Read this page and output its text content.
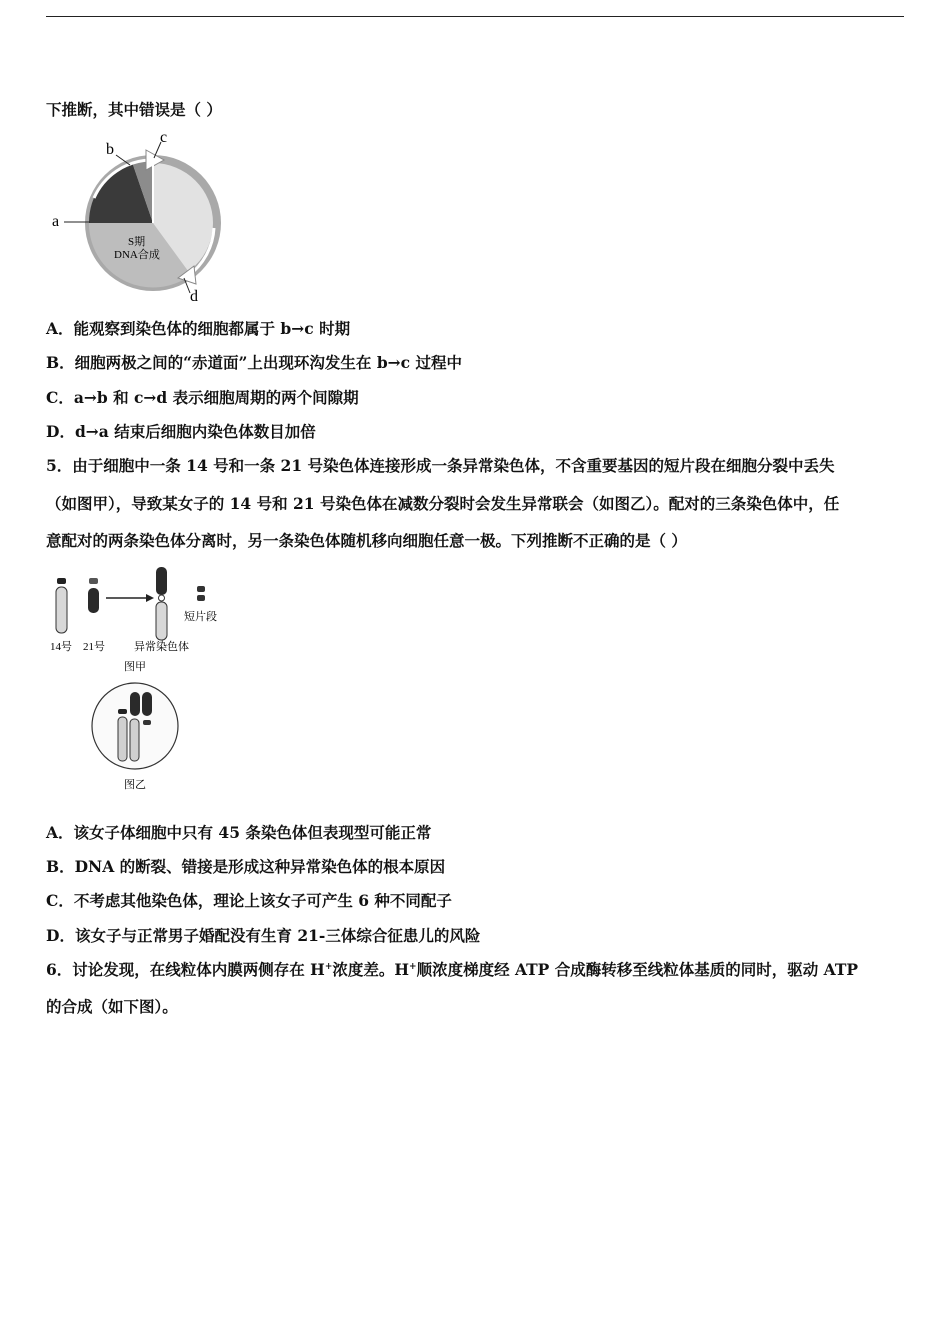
下推断，其中错误是（ ）
a
b
c
d
S期
DNA合成
A．能观察到染色体的细胞都属于 b→c 时期
B．细胞两极之间的“赤道面”上出现环沟发生在 b→c 过程中
C．a→b 和 c→d 表示细胞周期的两个间隙期
D．d→a 结束后细胞内染色体数目加倍
5．由于细胞中一条 14 号和一条 21 号染色体连接形成一条异常染色体，不含重要基因的短片段在细胞分裂中丢失
（如图甲），导致某女子的 14 号和 21 号染色体在减数分裂时会发生异常联会（如图乙）。配对的三条染色体中，任
意配对的两条染色体分离时，另一条染色体随机移向细胞任意一极。下列推断不正确的是（ ）
短片段
14号 21号	异常染色体
图甲
图乙
A．该女子体细胞中只有 45 条染色体但表现型可能正常
B．DNA 的断裂、错接是形成这种异常染色体的根本原因
C．不考虑其他染色体，理论上该女子可产生 6 种不同配子
D．该女子与正常男子婚配没有生育 21-三体综合征患儿的风险
6．讨论发现，在线粒体内膜两侧存在 H+浓度差。H+顺浓度梯度经 ATP 合成酶转移至线粒体基质的同时，驱动 ATP
的合成（如下图）。
